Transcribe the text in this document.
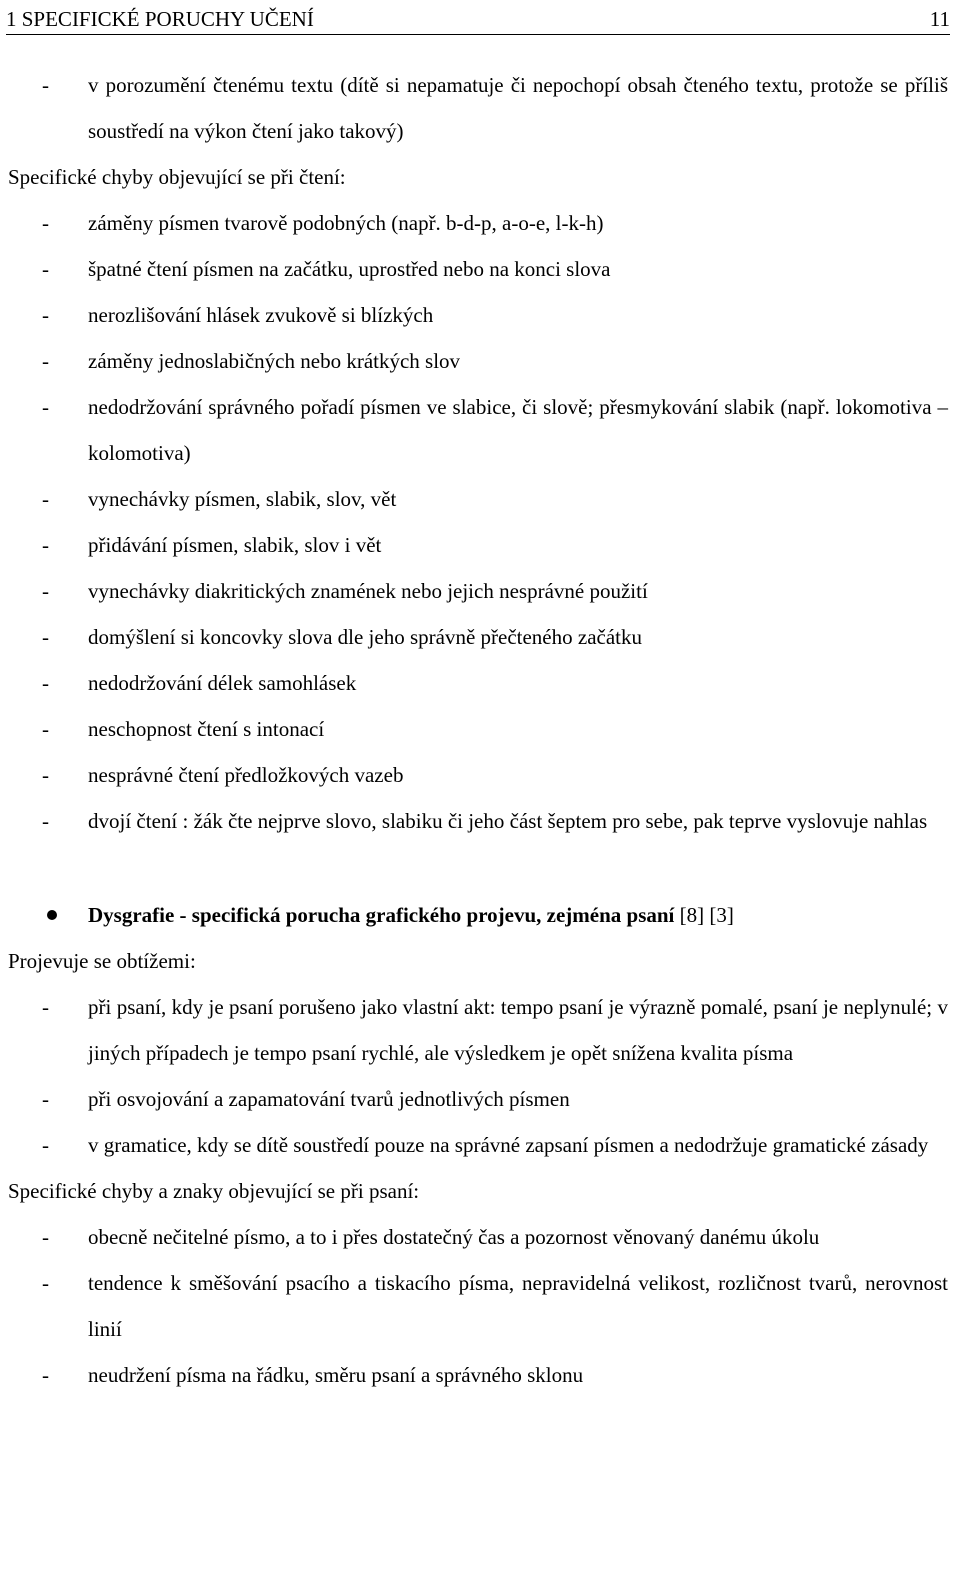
1 SPECIFICKÉ PORUCHY UČENÍ	11
- v porozumění čtenému textu (dítě si nepamatuje či nepochopí obsah čteného textu, protože se příliš soustředí na výkon čtení jako takový)
Specifické chyby objevující se při čtení:
- záměny písmen tvarově podobných (např. b-d-p, a-o-e, l-k-h)
- špatné čtení písmen na začátku, uprostřed nebo na konci slova
- nerozlišování hlásek zvukově si blízkých
- záměny jednoslabičných nebo krátkých slov
- nedodržování správného pořadí písmen ve slabice, či slově; přesmykování slabik (např. lokomotiva – kolomotiva)
- vynechávky písmen, slabik, slov, vět
- přidávání písmen, slabik, slov i vět
- vynechávky diakritických znamének nebo jejich nesprávné použití
- domýšlení si koncovky slova dle jeho správně přečteného začátku
- nedodržování délek samohlásek
- neschopnost čtení s intonací
- nesprávné čtení předložkových vazeb
- dvojí čtení : žák čte nejprve slovo, slabiku či jeho část šeptem pro sebe, pak teprve vyslovuje nahlas
Dysgrafie - specifická porucha grafického projevu, zejména psaní [8] [3]
Projevuje se obtížemi:
- při psaní, kdy je psaní porušeno jako vlastní akt: tempo psaní je výrazně pomalé, psaní je neplynulé; v jiných případech je tempo psaní rychlé, ale výsledkem je opět snížena kvalita písma
- při osvojování a zapamatování tvarů jednotlivých písmen
- v gramatice, kdy se dítě soustředí pouze na správné zapsaní písmen a nedodržuje gramatické zásady
Specifické chyby a znaky objevující se při psaní:
- obecně nečitelné písmo, a to i přes dostatečný čas a pozornost věnovaný danému úkolu
- tendence k směšování psacího a tiskacího písma, nepravidelná velikost, rozličnost tvarů, nerovnost linií
- neudržení písma na řádku, směru psaní a správného sklonu
